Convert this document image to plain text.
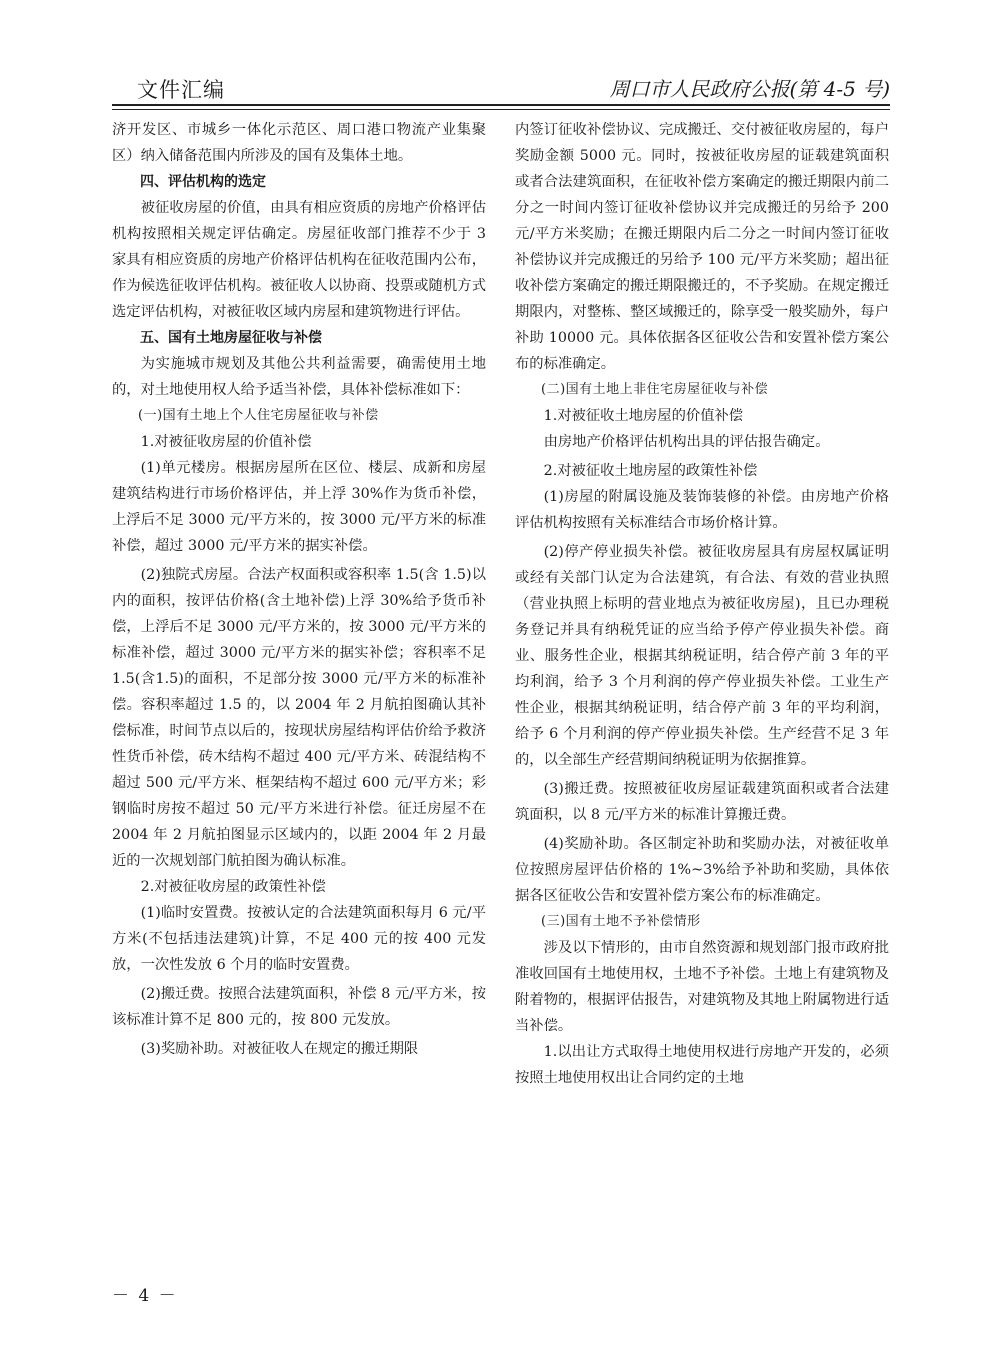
文件汇编	周口市人民政府公报(第 4-5 号)

济开发区、市城乡一体化示范区、周口港口物流产业集聚区）纳入储备范围内所涉及的国有及集体土地。

四、评估机构的选定

被征收房屋的价值，由具有相应资质的房地产价格评估机构按照相关规定评估确定。房屋征收部门推荐不少于 3 家具有相应资质的房地产价格评估机构在征收范围内公布，作为候选征收评估机构。被征收人以协商、投票或随机方式选定评估机构，对被征收区域内房屋和建筑物进行评估。

五、国有土地房屋征收与补偿

为实施城市规划及其他公共利益需要，确需使用土地的，对土地使用权人给予适当补偿，具体补偿标准如下：

(一)国有土地上个人住宅房屋征收与补偿

1.对被征收房屋的价值补偿

(1)单元楼房。根据房屋所在区位、楼层、成新和房屋建筑结构进行市场价格评估，并上浮 30%作为货币补偿，上浮后不足 3000 元/平方米的，按 3000 元/平方米的标准补偿，超过 3000 元/平方米的据实补偿。

(2)独院式房屋。合法产权面积或容积率 1.5(含 1.5)以内的面积，按评估价格(含土地补偿)上浮 30%给予货币补偿，上浮后不足 3000 元/平方米的，按 3000 元/平方米的标准补偿，超过 3000 元/平方米的据实补偿；容积率不足 1.5(含1.5)的面积，不足部分按 3000 元/平方米的标准补偿。容积率超过 1.5 的，以 2004 年 2 月航拍图确认其补偿标准，时间节点以后的，按现状房屋结构评估价给予救济性货币补偿，砖木结构不超过 400 元/平方米、砖混结构不超过 500 元/平方米、框架结构不超过 600 元/平方米；彩钢临时房按不超过 50 元/平方米进行补偿。征迁房屋不在 2004 年 2 月航拍图显示区域内的，以距 2004 年 2 月最近的一次规划部门航拍图为确认标准。

2.对被征收房屋的政策性补偿

(1)临时安置费。按被认定的合法建筑面积每月 6 元/平方米(不包括违法建筑)计算，不足 400 元的按 400 元发放，一次性发放 6 个月的临时安置费。

(2)搬迁费。按照合法建筑面积，补偿 8 元/平方米，按该标准计算不足 800 元的，按 800 元发放。

(3)奖励补助。对被征收人在规定的搬迁期限

内签订征收补偿协议、完成搬迁、交付被征收房屋的，每户奖励金额 5000 元。同时，按被征收房屋的证载建筑面积或者合法建筑面积，在征收补偿方案确定的搬迁期限内前二分之一时间内签订征收补偿协议并完成搬迁的另给予 200 元/平方米奖励；在搬迁期限内后二分之一时间内签订征收补偿协议并完成搬迁的另给予 100 元/平方米奖励；超出征收补偿方案确定的搬迁期限搬迁的，不予奖励。在规定搬迁期限内，对整栋、整区域搬迁的，除享受一般奖励外，每户补助 10000 元。具体依据各区征收公告和安置补偿方案公布的标准确定。

(二)国有土地上非住宅房屋征收与补偿

1.对被征收土地房屋的价值补偿

由房地产价格评估机构出具的评估报告确定。

2.对被征收土地房屋的政策性补偿

(1)房屋的附属设施及装饰装修的补偿。由房地产价格评估机构按照有关标准结合市场价格计算。

(2)停产停业损失补偿。被征收房屋具有房屋权属证明或经有关部门认定为合法建筑，有合法、有效的营业执照（营业执照上标明的营业地点为被征收房屋)，且已办理税务登记并具有纳税凭证的应当给予停产停业损失补偿。商业、服务性企业，根据其纳税证明，结合停产前 3 年的平均利润，给予 3 个月利润的停产停业损失补偿。工业生产性企业，根据其纳税证明，结合停产前 3 年的平均利润，给予 6 个月利润的停产停业损失补偿。生产经营不足 3 年的，以全部生产经营期间纳税证明为依据推算。

(3)搬迁费。按照被征收房屋证载建筑面积或者合法建筑面积，以 8 元/平方米的标准计算搬迁费。

(4)奖励补助。各区制定补助和奖励办法，对被征收单位按照房屋评估价格的 1%~3%给予补助和奖励，具体依据各区征收公告和安置补偿方案公布的标准确定。

(三)国有土地不予补偿情形

涉及以下情形的，由市自然资源和规划部门报市政府批准收回国有土地使用权，土地不予补偿。土地上有建筑物及附着物的，根据评估报告，对建筑物及其地上附属物进行适当补偿。

1.以出让方式取得土地使用权进行房地产开发的，必须按照土地使用权出让合同约定的土地

－ 4 －
